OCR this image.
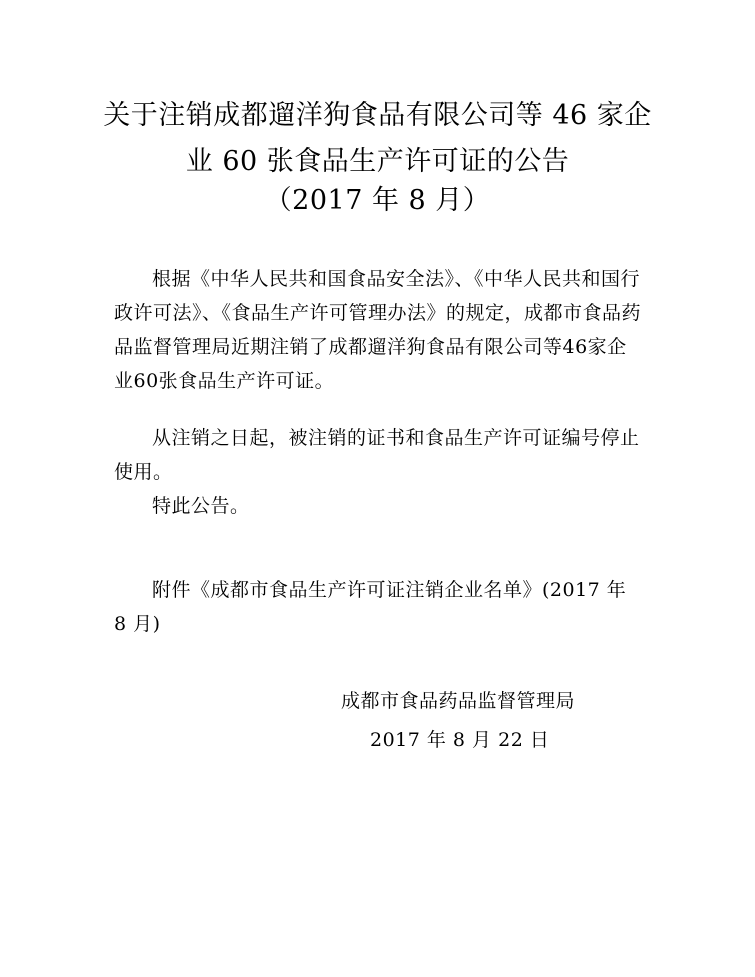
关于注销成都遛洋狗食品有限公司等 46 家企
业 60 张食品生产许可证的公告
（2017 年 8 月）
根据《中华人民共和国食品安全法》、《中华人民共和国行政许可法》、《食品生产许可管理办法》的规定，成都市食品药品监督管理局近期注销了成都遛洋狗食品有限公司等46家企业60张食品生产许可证。
从注销之日起，被注销的证书和食品生产许可证编号停止使用。
特此公告。
附件《成都市食品生产许可证注销企业名单》(2017 年 8 月)
成都市食品药品监督管理局
2017 年 8 月 22 日
